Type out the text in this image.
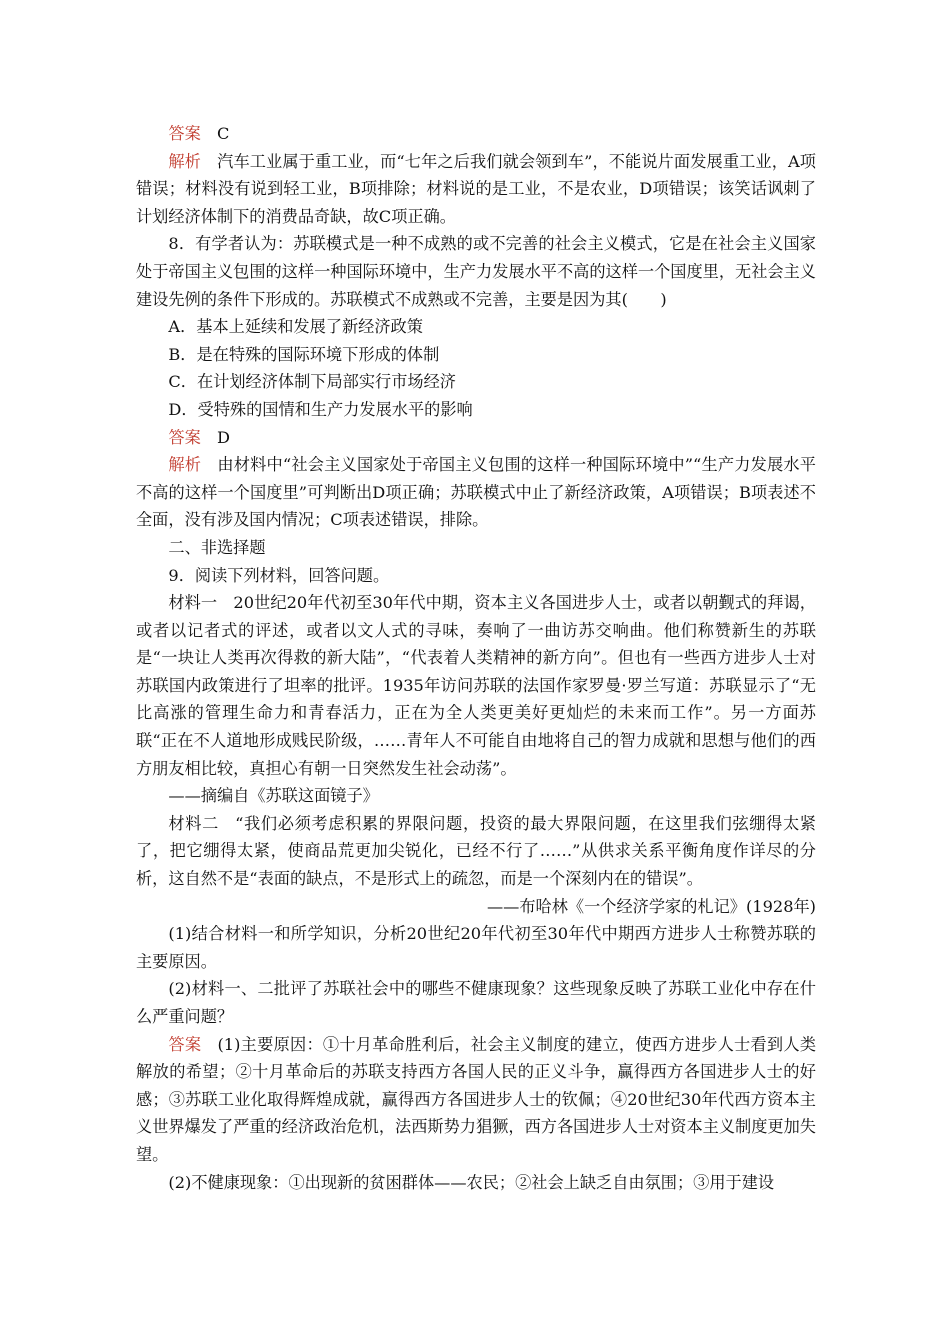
答案 C

解析 汽车工业属于重工业，而“七年之后我们就会领到车”，不能说片面发展重工业，A项错误；材料没有说到轻工业，B项排除；材料说的是工业，不是农业，D项错误；该笑话讽刺了计划经济体制下的消费品奇缺，故C项正确。

8．有学者认为：苏联模式是一种不成熟的或不完善的社会主义模式，它是在社会主义国家处于帝国主义包围的这样一种国际环境中，生产力发展水平不高的这样一个国度里，无社会主义建设先例的条件下形成的。苏联模式不成熟或不完善，主要是因为其(　　)

A．基本上延续和发展了新经济政策

B．是在特殊的国际环境下形成的体制

C．在计划经济体制下局部实行市场经济

D．受特殊的国情和生产力发展水平的影响

答案 D

解析 由材料中“社会主义国家处于帝国主义包围的这样一种国际环境中”“生产力发展水平不高的这样一个国度里”可判断出D项正确；苏联模式中止了新经济政策，A项错误；B项表述不全面，没有涉及国内情况；C项表述错误，排除。

二、非选择题

9．阅读下列材料，回答问题。

材料一 20世纪20年代初至30年代中期，资本主义各国进步人士，或者以朝觐式的拜谒，或者以记者式的评述，或者以文人式的寻味，奏响了一曲访苏交响曲。他们称赞新生的苏联是“一块让人类再次得救的新大陆”，“代表着人类精神的新方向”。但也有一些西方进步人士对苏联国内政策进行了坦率的批评。1935年访问苏联的法国作家罗曼·罗兰写道：苏联显示了“无比高涨的管理生命力和青春活力，正在为全人类更美好更灿烂的未来而工作”。另一方面苏联“正在不人道地形成贱民阶级，……青年人不可能自由地将自己的智力成就和思想与他们的西方朋友相比较，真担心有朝一日突然发生社会动荡”。

——摘编自《苏联这面镜子》

材料二 “我们必须考虑积累的界限问题，投资的最大界限问题，在这里我们弦绷得太紧了，把它绷得太紧，使商品荒更加尖锐化，已经不行了……”从供求关系平衡角度作详尽的分析，这自然不是“表面的缺点，不是形式上的疏忽，而是一个深刻内在的错误”。

——布哈林《一个经济学家的札记》(1928年)

(1)结合材料一和所学知识，分析20世纪20年代初至30年代中期西方进步人士称赞苏联的主要原因。

(2)材料一、二批评了苏联社会中的哪些不健康现象？这些现象反映了苏联工业化中存在什么严重问题？

答案 (1)主要原因：①十月革命胜利后，社会主义制度的建立，使西方进步人士看到人类解放的希望；②十月革命后的苏联支持西方各国人民的正义斗争，赢得西方各国进步人士的好感；③苏联工业化取得辉煌成就，赢得西方各国进步人士的钦佩；④20世纪30年代西方资本主义世界爆发了严重的经济政治危机，法西斯势力猖獗，西方各国进步人士对资本主义制度更加失望。

(2)不健康现象：①出现新的贫困群体——农民；②社会上缺乏自由氛围；③用于建设
